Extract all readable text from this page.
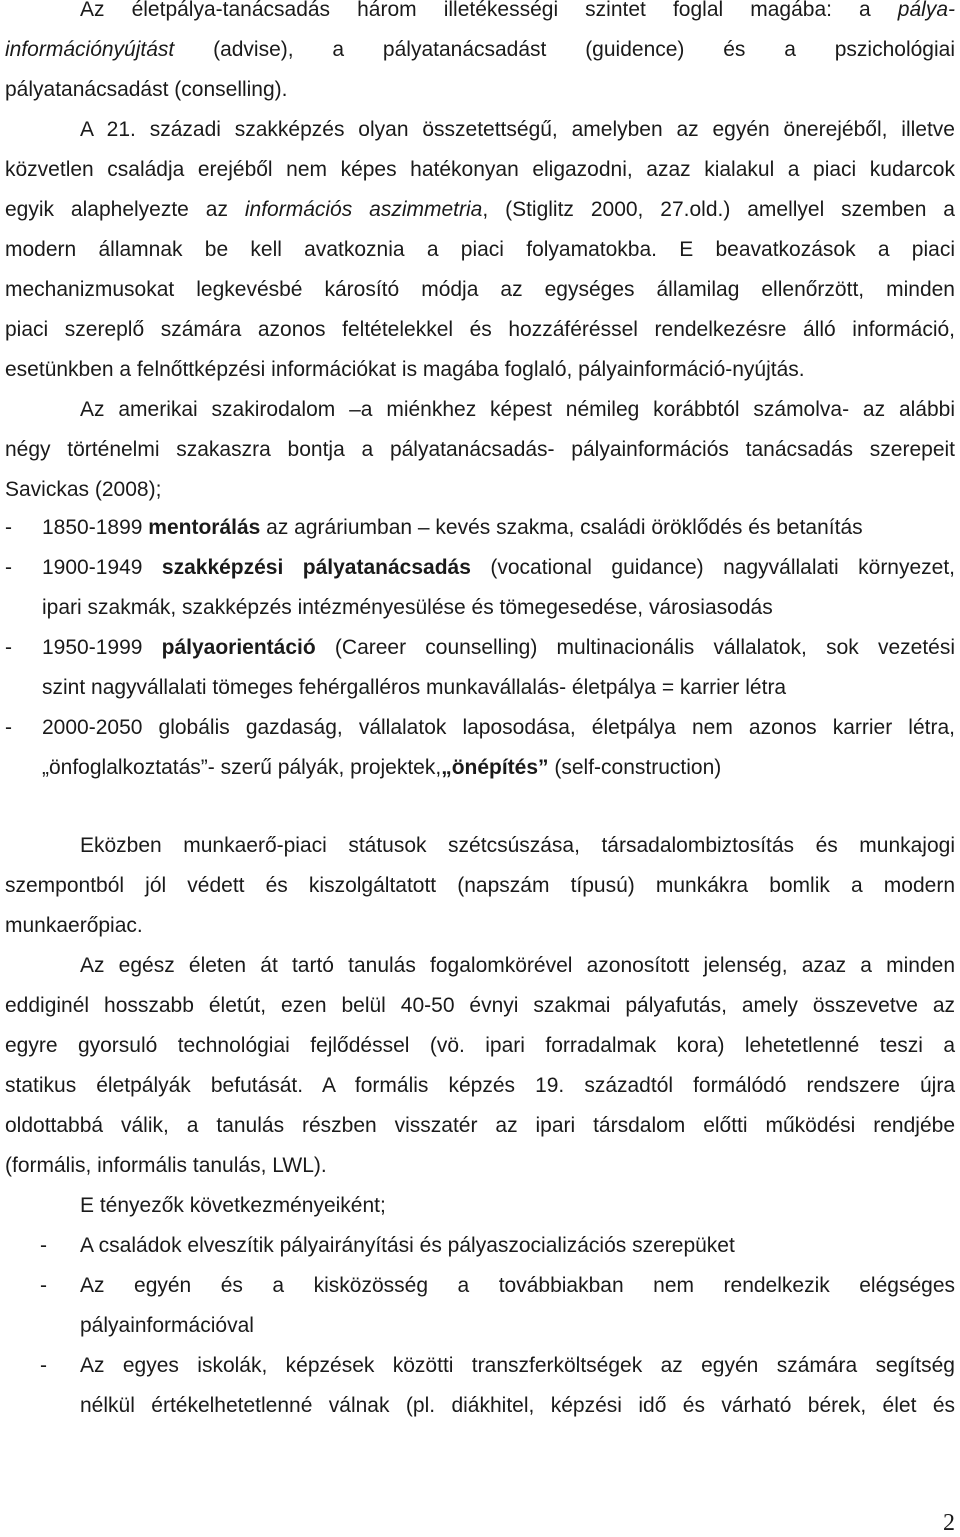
Az életpálya-tanácsadás három illetékességi szintet foglal magába: a pálya-
információnyújtást (advise), a pályatanácsadást (guidence) és a pszichológiai
pályatanácsadást (conselling).
A 21. századi szakképzés olyan összetettségű, amelyben az egyén önerejéből, illetve
közvetlen családja erejéből nem képes hatékonyan eligazodni, azaz kialakul a piaci kudarcok
egyik alaphelyezte az információs aszimmetria, (Stiglitz 2000, 27.old.) amellyel szemben a
modern államnak be kell avatkoznia a piaci folyamatokba. E beavatkozások a piaci
mechanizmusokat legkevésbé károsító módja az egységes államilag ellenőrzött, minden
piaci szereplő számára azonos feltételekkel és hozzáféréssel rendelkezésre álló információ,
esetünkben a felnőttképzési információkat is magába foglaló, pályainformáció-nyújtás.
Az amerikai szakirodalom –a miénkhez képest némileg korábbtól számolva- az alábbi
négy történelmi szakaszra bontja a pályatanácsadás- pályainformációs tanácsadás szerepeit
Savickas (2008);
- 1850-1899 mentorálás az agráriumban – kevés szakma, családi öröklődés és betanítás
- 1900-1949 szakképzési pályatanácsadás (vocational guidance) nagyvállalati környezet,
ipari szakmák, szakképzés intézményesülése és tömegesedése, városiasodás
- 1950-1999 pályaorientáció (Career counselling) multinacionális vállalatok, sok vezetési
szint nagyvállalati tömeges fehérgalléros munkavállalás- életpálya = karrier létra
- 2000-2050 globális gazdaság, vállalatok laposodása, életpálya nem azonos karrier létra,
„önfoglalkoztatás”- szerű pályák, projektek,„önépítés” (self-construction)
Eközben munkaerő-piaci státusok szétcsúszása, társadalombiztosítás és munkajogi
szempontból jól védett és kiszolgáltatott (napszám típusú) munkákra bomlik a modern
munkaerőpiac.
Az egész életen át tartó tanulás fogalomkörével azonosított jelenség, azaz a minden
eddiginél hosszabb életút, ezen belül 40-50 évnyi szakmai pályafutás, amely összevetve az
egyre gyorsuló technológiai fejlődéssel (vö. ipari forradalmak kora) lehetetlenné teszi a
statikus életpályák befutását. A formális képzés 19. századtól formálódó rendszere újra
oldottabbá válik, a tanulás részben visszatér az ipari társdalom előtti működési rendjébe
(formális, informális tanulás, LWL).
E tényezők következményeiként;
- A családok elveszítik pályairányítási és pályaszocializációs szerepüket
- Az egyén és a kisközösség a továbbiakban nem rendelkezik elégséges
pályainformációval
- Az egyes iskolák, képzések közötti transzferköltségek az egyén számára segítség
nélkül értékelhetetlenné válnak (pl. diákhitel, képzési idő és várható bérek, élet és
2
